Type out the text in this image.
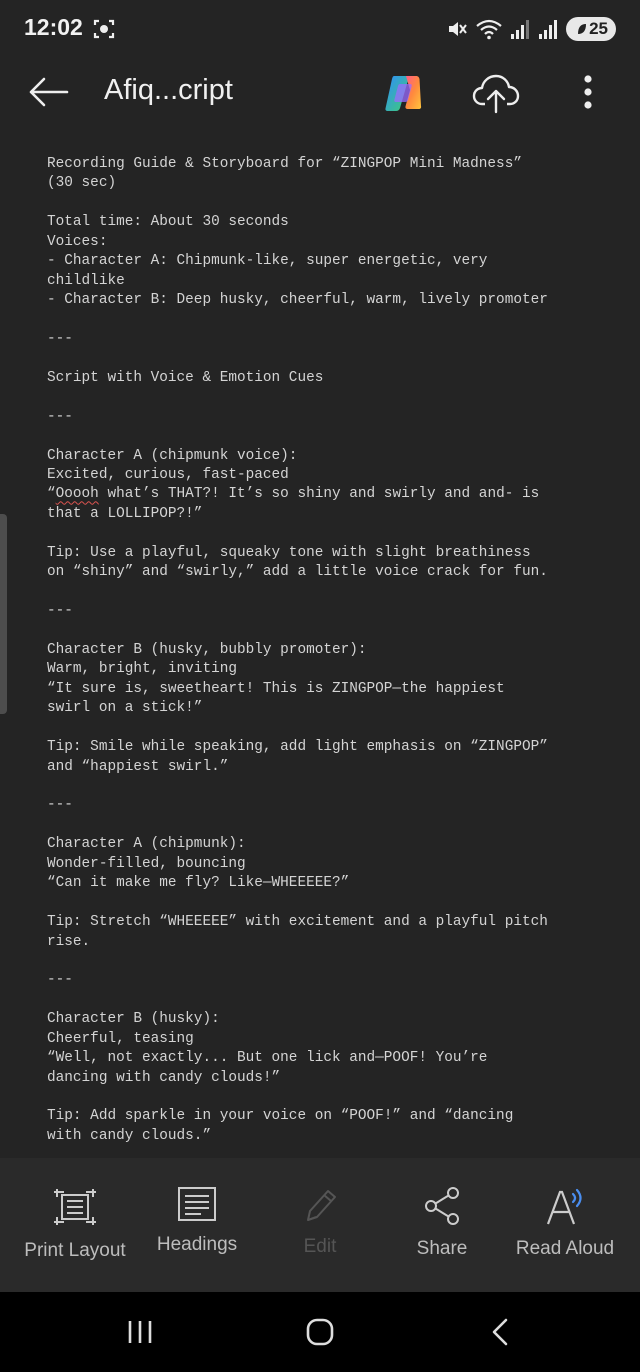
12:02	25
Afiq...cript
Recording Guide & Storyboard for “ZINGPOP Mini Madness”
(30 sec)
Total time: About 30 seconds
Voices:
- Character A: Chipmunk-like, super energetic, very
childlike
- Character B: Deep husky, cheerful, warm, lively promoter
---
Script with Voice & Emotion Cues
---
Character A (chipmunk voice):
Excited, curious, fast-paced
“Ooooh what’s THAT?! It’s so shiny and swirly and and- is
that a LOLLIPOP?!”
Tip: Use a playful, squeaky tone with slight breathiness
on “shiny” and “swirly,” add a little voice crack for fun.
---
Character B (husky, bubbly promoter):
Warm, bright, inviting
“It sure is, sweetheart! This is ZINGPOP—the happiest
swirl on a stick!”
Tip: Smile while speaking, add light emphasis on “ZINGPOP”
and “happiest swirl.”
---
Character A (chipmunk):
Wonder-filled, bouncing
“Can it make me fly? Like—WHEEEEE?”
Tip: Stretch “WHEEEEE” with excitement and a playful pitch
rise.
---
Character B (husky):
Cheerful, teasing
“Well, not exactly... But one lick and—POOF! You’re
dancing with candy clouds!”
Tip: Add sparkle in your voice on “POOF!” and “dancing
with candy clouds.”
Print Layout	Headings	Edit	Share	Read Aloud
